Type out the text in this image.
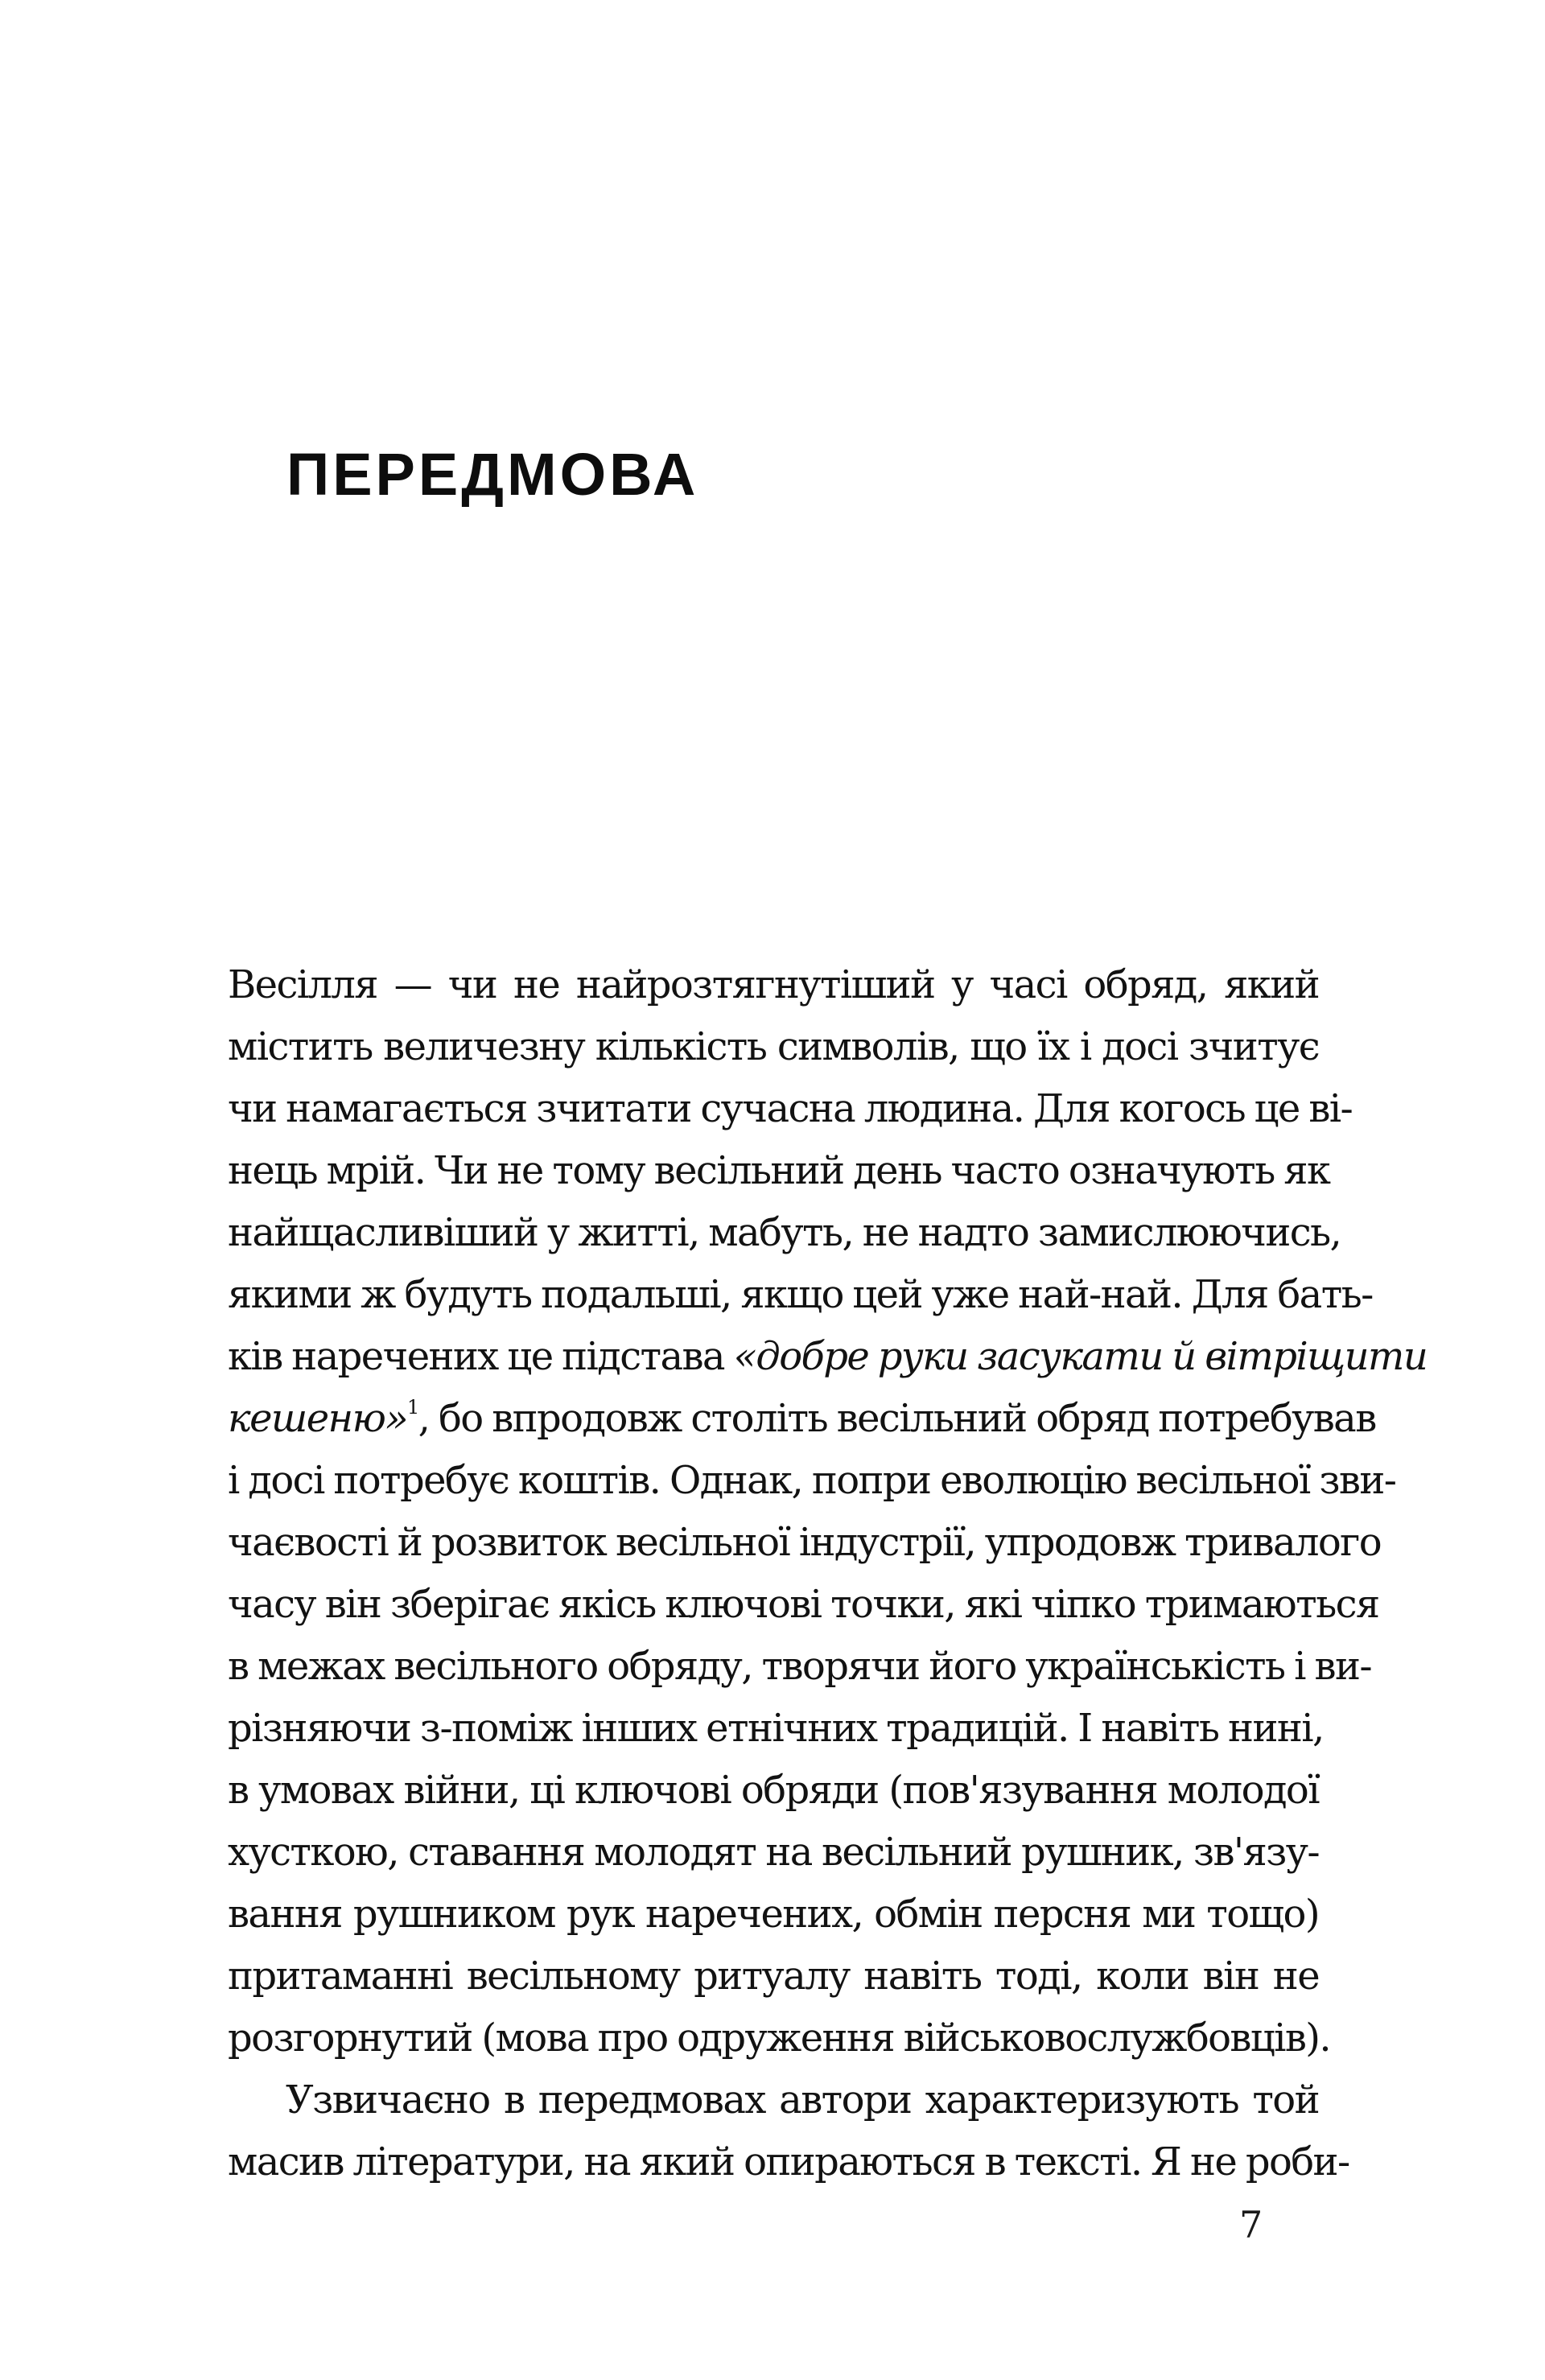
ПЕРЕДМОВА
Весілля — чи не найрозтягнутіший у часі обряд, який
містить величезну кількість символів, що їх і досі зчитує
чи намагається зчитати сучасна людина. Для когось це ві-
нець мрій. Чи не тому весільний день часто означують як
найщасливіший у житті, мабуть, не надто замислюючись,
якими ж будуть подальші, якщо цей уже най-най. Для бать-
ків наречених це підстава «добре руки засукати й вітріщити
кешеню»$^1$, бо впродовж століть весільний обряд потребував
і досі потребує коштів. Однак, попри еволюцію весільної зви-
чаєвості й розвиток весільної індустрії, упродовж тривалого
часу він зберігає якісь ключові точки, які чіпко тримаються
в межах весільного обряду, творячи його українськість і ви-
різняючи з-поміж інших етнічних традицій. І навіть нині,
в умовах війни, ці ключові обряди (пов'язування молодої
хусткою, ставання молодят на весільний рушник, зв'язу-
вання рушником рук наречених, обмін персня ми тощо)
притаманні весільному ритуалу навіть тоді, коли він не
розгорнутий (мова про одруження військовослужбовців).
Узвичаєно в передмовах автори характеризують той
масив літератури, на який опираються в тексті. Я не роби-
7
